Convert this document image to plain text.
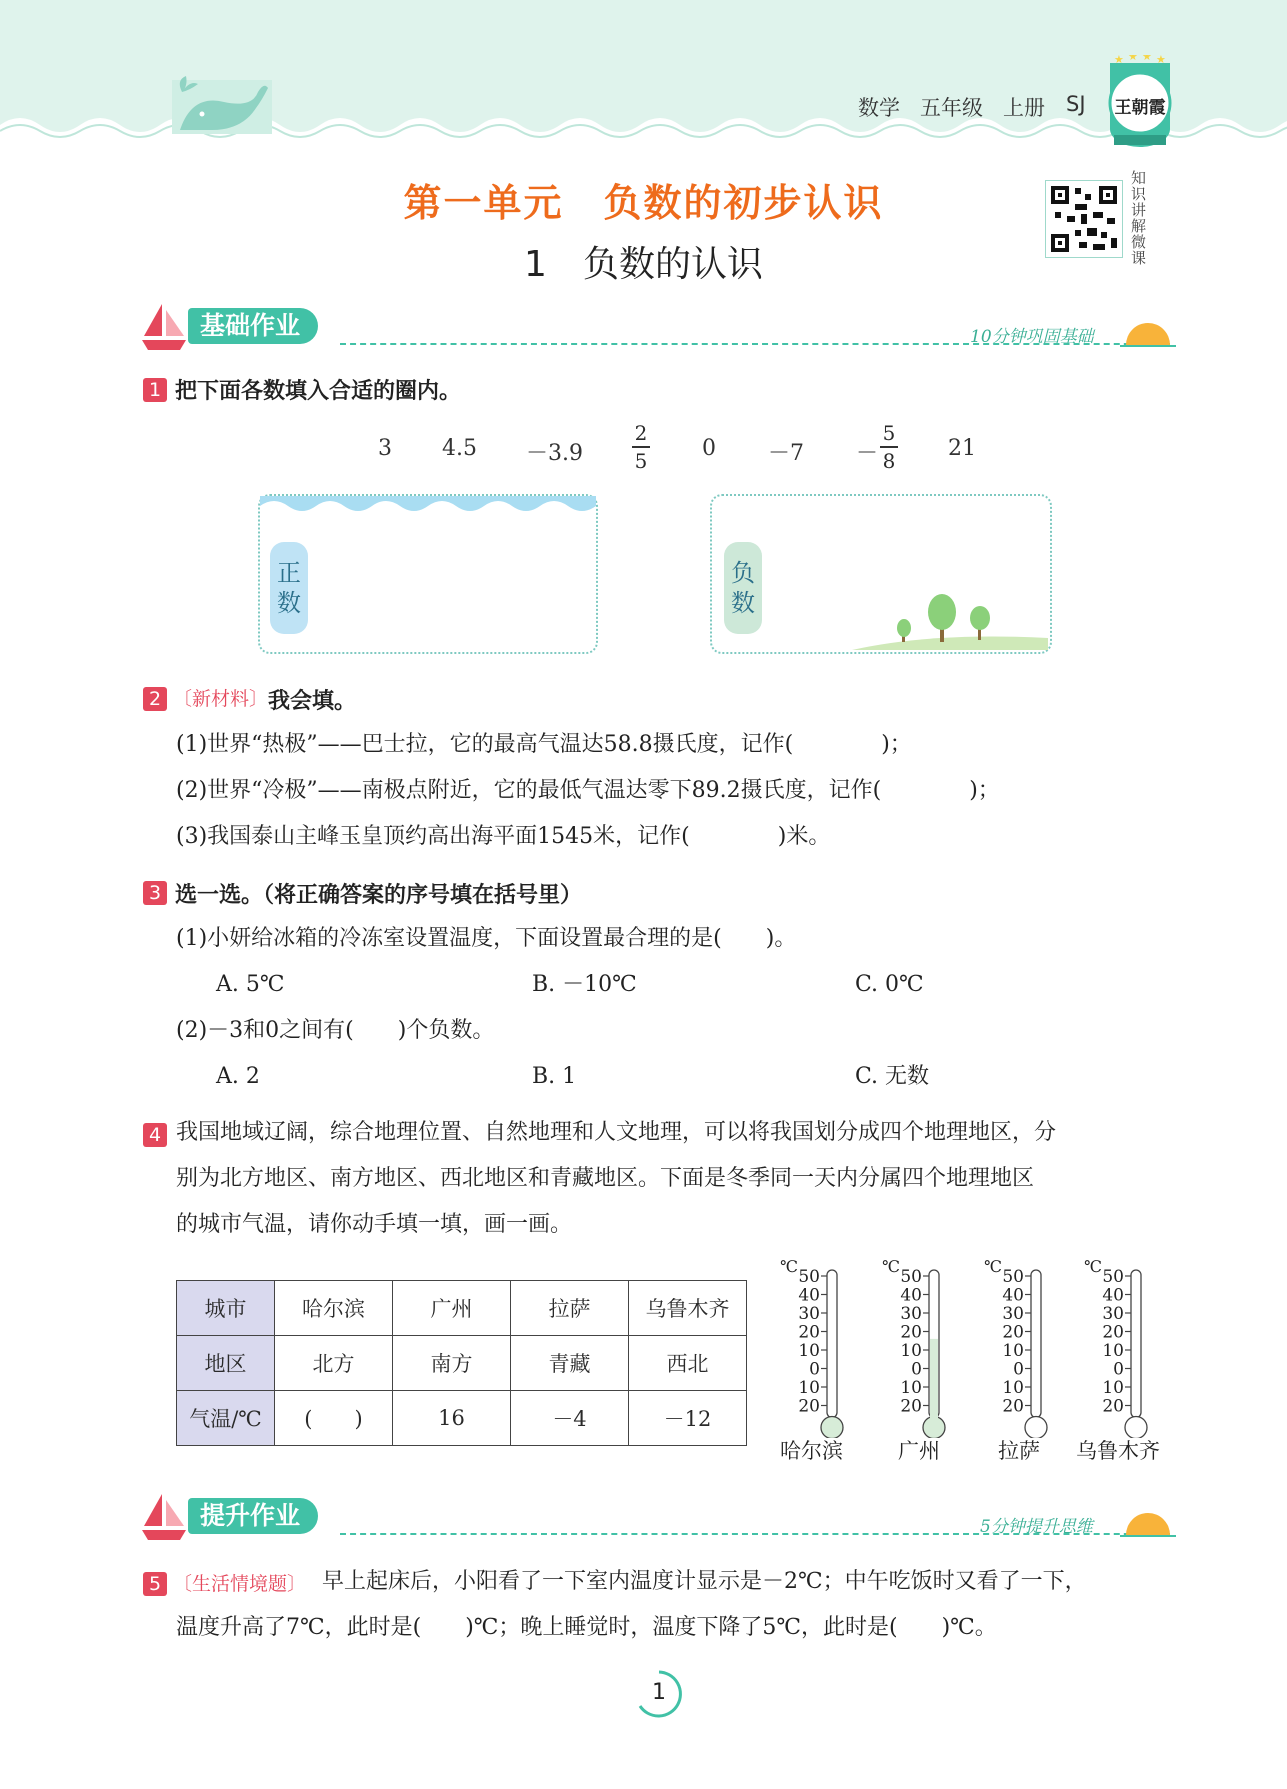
数学 五年级 上册 SJ
★ ★ ★ ★
王朝霞
第一单元　负数的初步认识
1　负数的认识
知识讲解微课
基础作业	10分钟巩固基础
1 把下面各数填入合适的圈内。
3 4.5 －3.9
2
5 0 －7 －
5
8 21
正数
负数
2 〔新材料〕 我会填。
(1)世界“热极”——巴士拉，它的最高气温达58.8摄氏度，记作(　　　　)；
(2)世界“冷极”——南极点附近，它的最低气温达零下89.2摄氏度，记作(　　　　)；
(3)我国泰山主峰玉皇顶约高出海平面1545米，记作(　　　　)米。
3 选一选。（将正确答案的序号填在括号里）
(1)小妍给冰箱的冷冻室设置温度，下面设置最合理的是(　　)。
A. 5℃	B. －10℃	C. 0℃
(2)－3和0之间有(　　)个负数。
A. 2	B. 1	C. 无数
4 我国地域辽阔，综合地理位置、自然地理和人文地理，可以将我国划分成四个地理地区，分
别为北方地区、南方地区、西北地区和青藏地区。下面是冬季同一天内分属四个地理地区
的城市气温，请你动手填一填，画一画。
城市	哈尔滨	广州	拉萨	乌鲁木齐
地区	北方	南方	青藏	西北
气温/℃	(　　)	16	－4	－12
℃
50
40
30
20
10
0
10
20
℃
50
40
30
20
10
0
10
20
℃
50
40
30
20
10
0
10
20
℃
50
40
30
20
10
0
10
20
哈尔滨	广州	拉萨 乌鲁木齐
提升作业	5分钟提升思维
5 〔生活情境题〕 早上起床后，小阳看了一下室内温度计显示是－2℃；中午吃饭时又看了一下，
温度升高了7℃，此时是(　　)℃；晚上睡觉时，温度下降了5℃，此时是(　　)℃。
1
